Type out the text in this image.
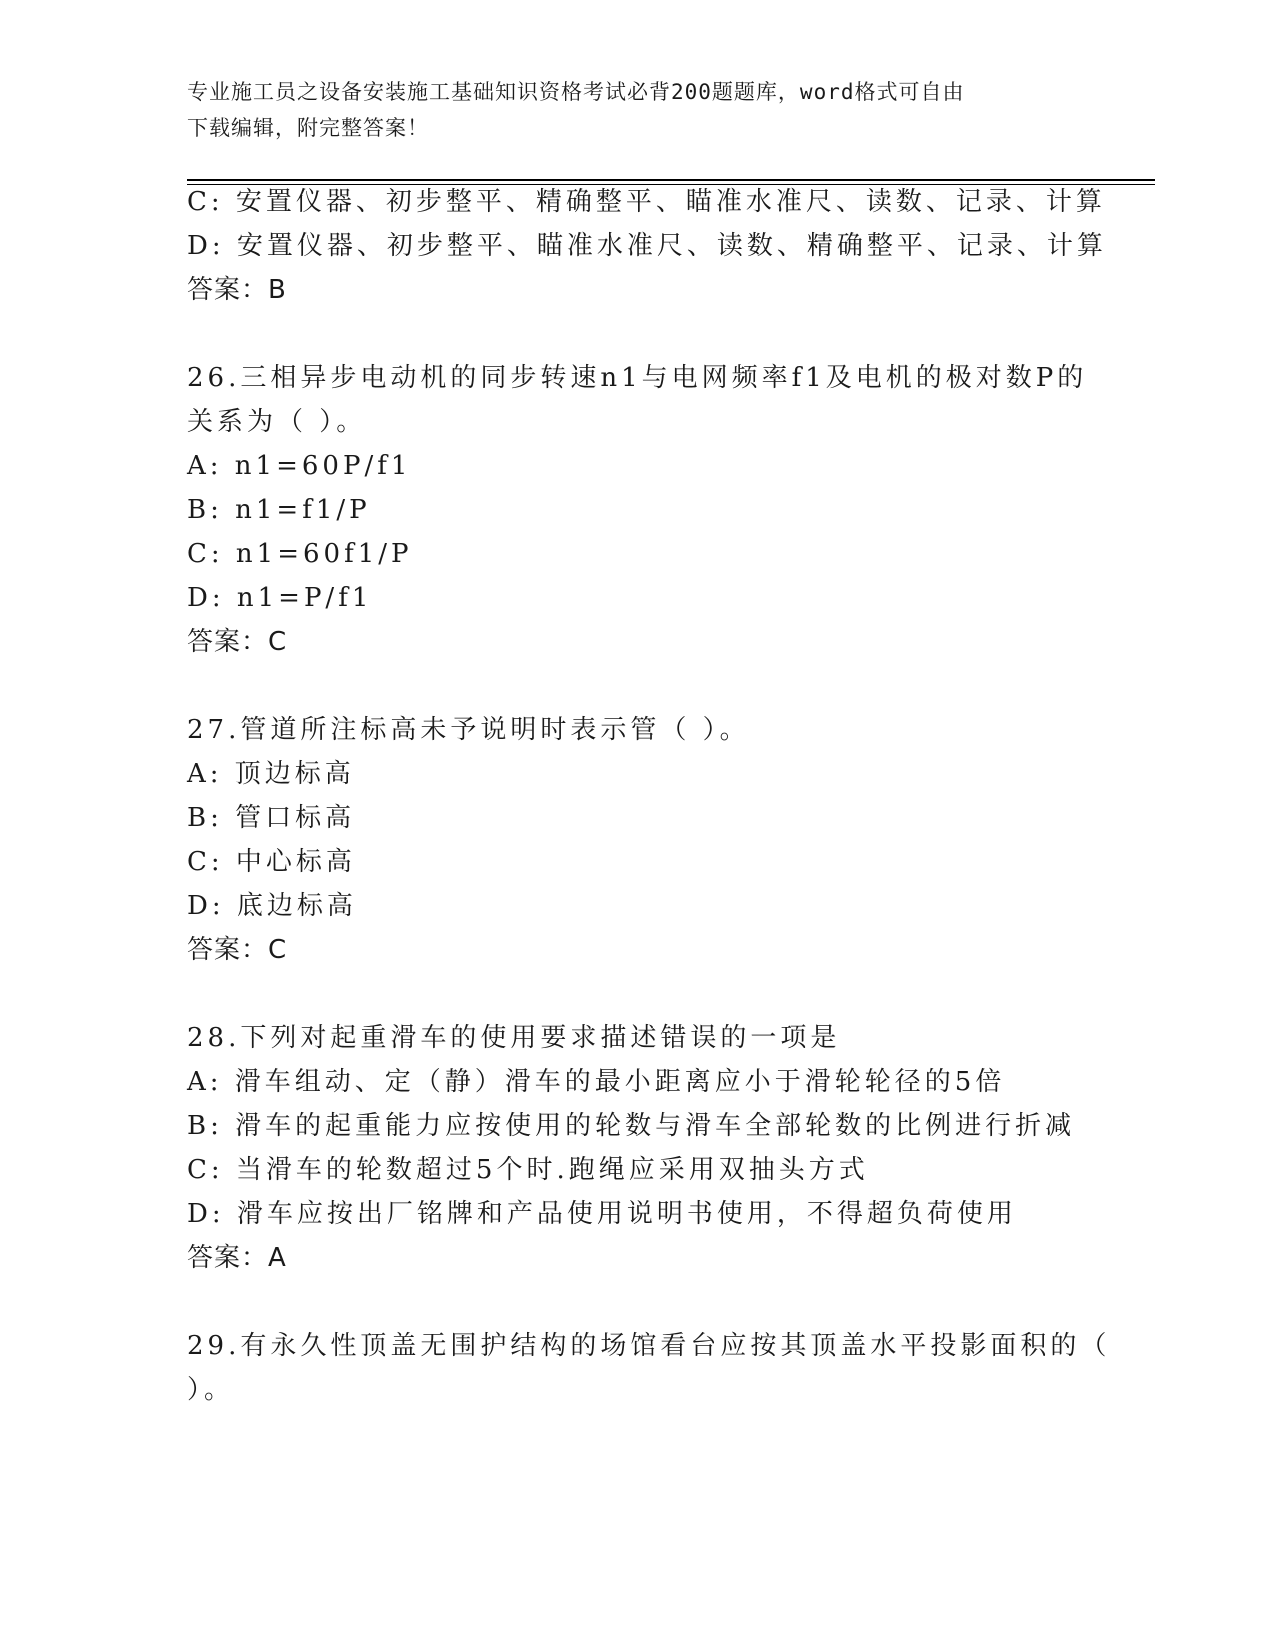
专业施工员之设备安装施工基础知识资格考试必背200题题库，word格式可自由
下载编辑，附完整答案！
C: 安置仪器、初步整平、精确整平、瞄准水准尺、读数、记录、计算
D: 安置仪器、初步整平、瞄准水准尺、读数、精确整平、记录、计算
答案：B
26.三相异步电动机的同步转速n1与电网频率f1及电机的极对数P的
关系为（ ）。
A: n1=60P/f1
B: n1=f1/P
C: n1=60f1/P
D: n1=P/f1
答案：C
27.管道所注标高未予说明时表示管（ ）。
A: 顶边标高
B: 管口标高
C: 中心标高
D: 底边标高
答案：C
28.下列对起重滑车的使用要求描述错误的一项是
A: 滑车组动、定（静）滑车的最小距离应小于滑轮轮径的5倍
B: 滑车的起重能力应按使用的轮数与滑车全部轮数的比例进行折减
C: 当滑车的轮数超过5个时.跑绳应采用双抽头方式
D: 滑车应按出厂铭牌和产品使用说明书使用，不得超负荷使用
答案：A
29.有永久性顶盖无围护结构的场馆看台应按其顶盖水平投影面积的（
）。
